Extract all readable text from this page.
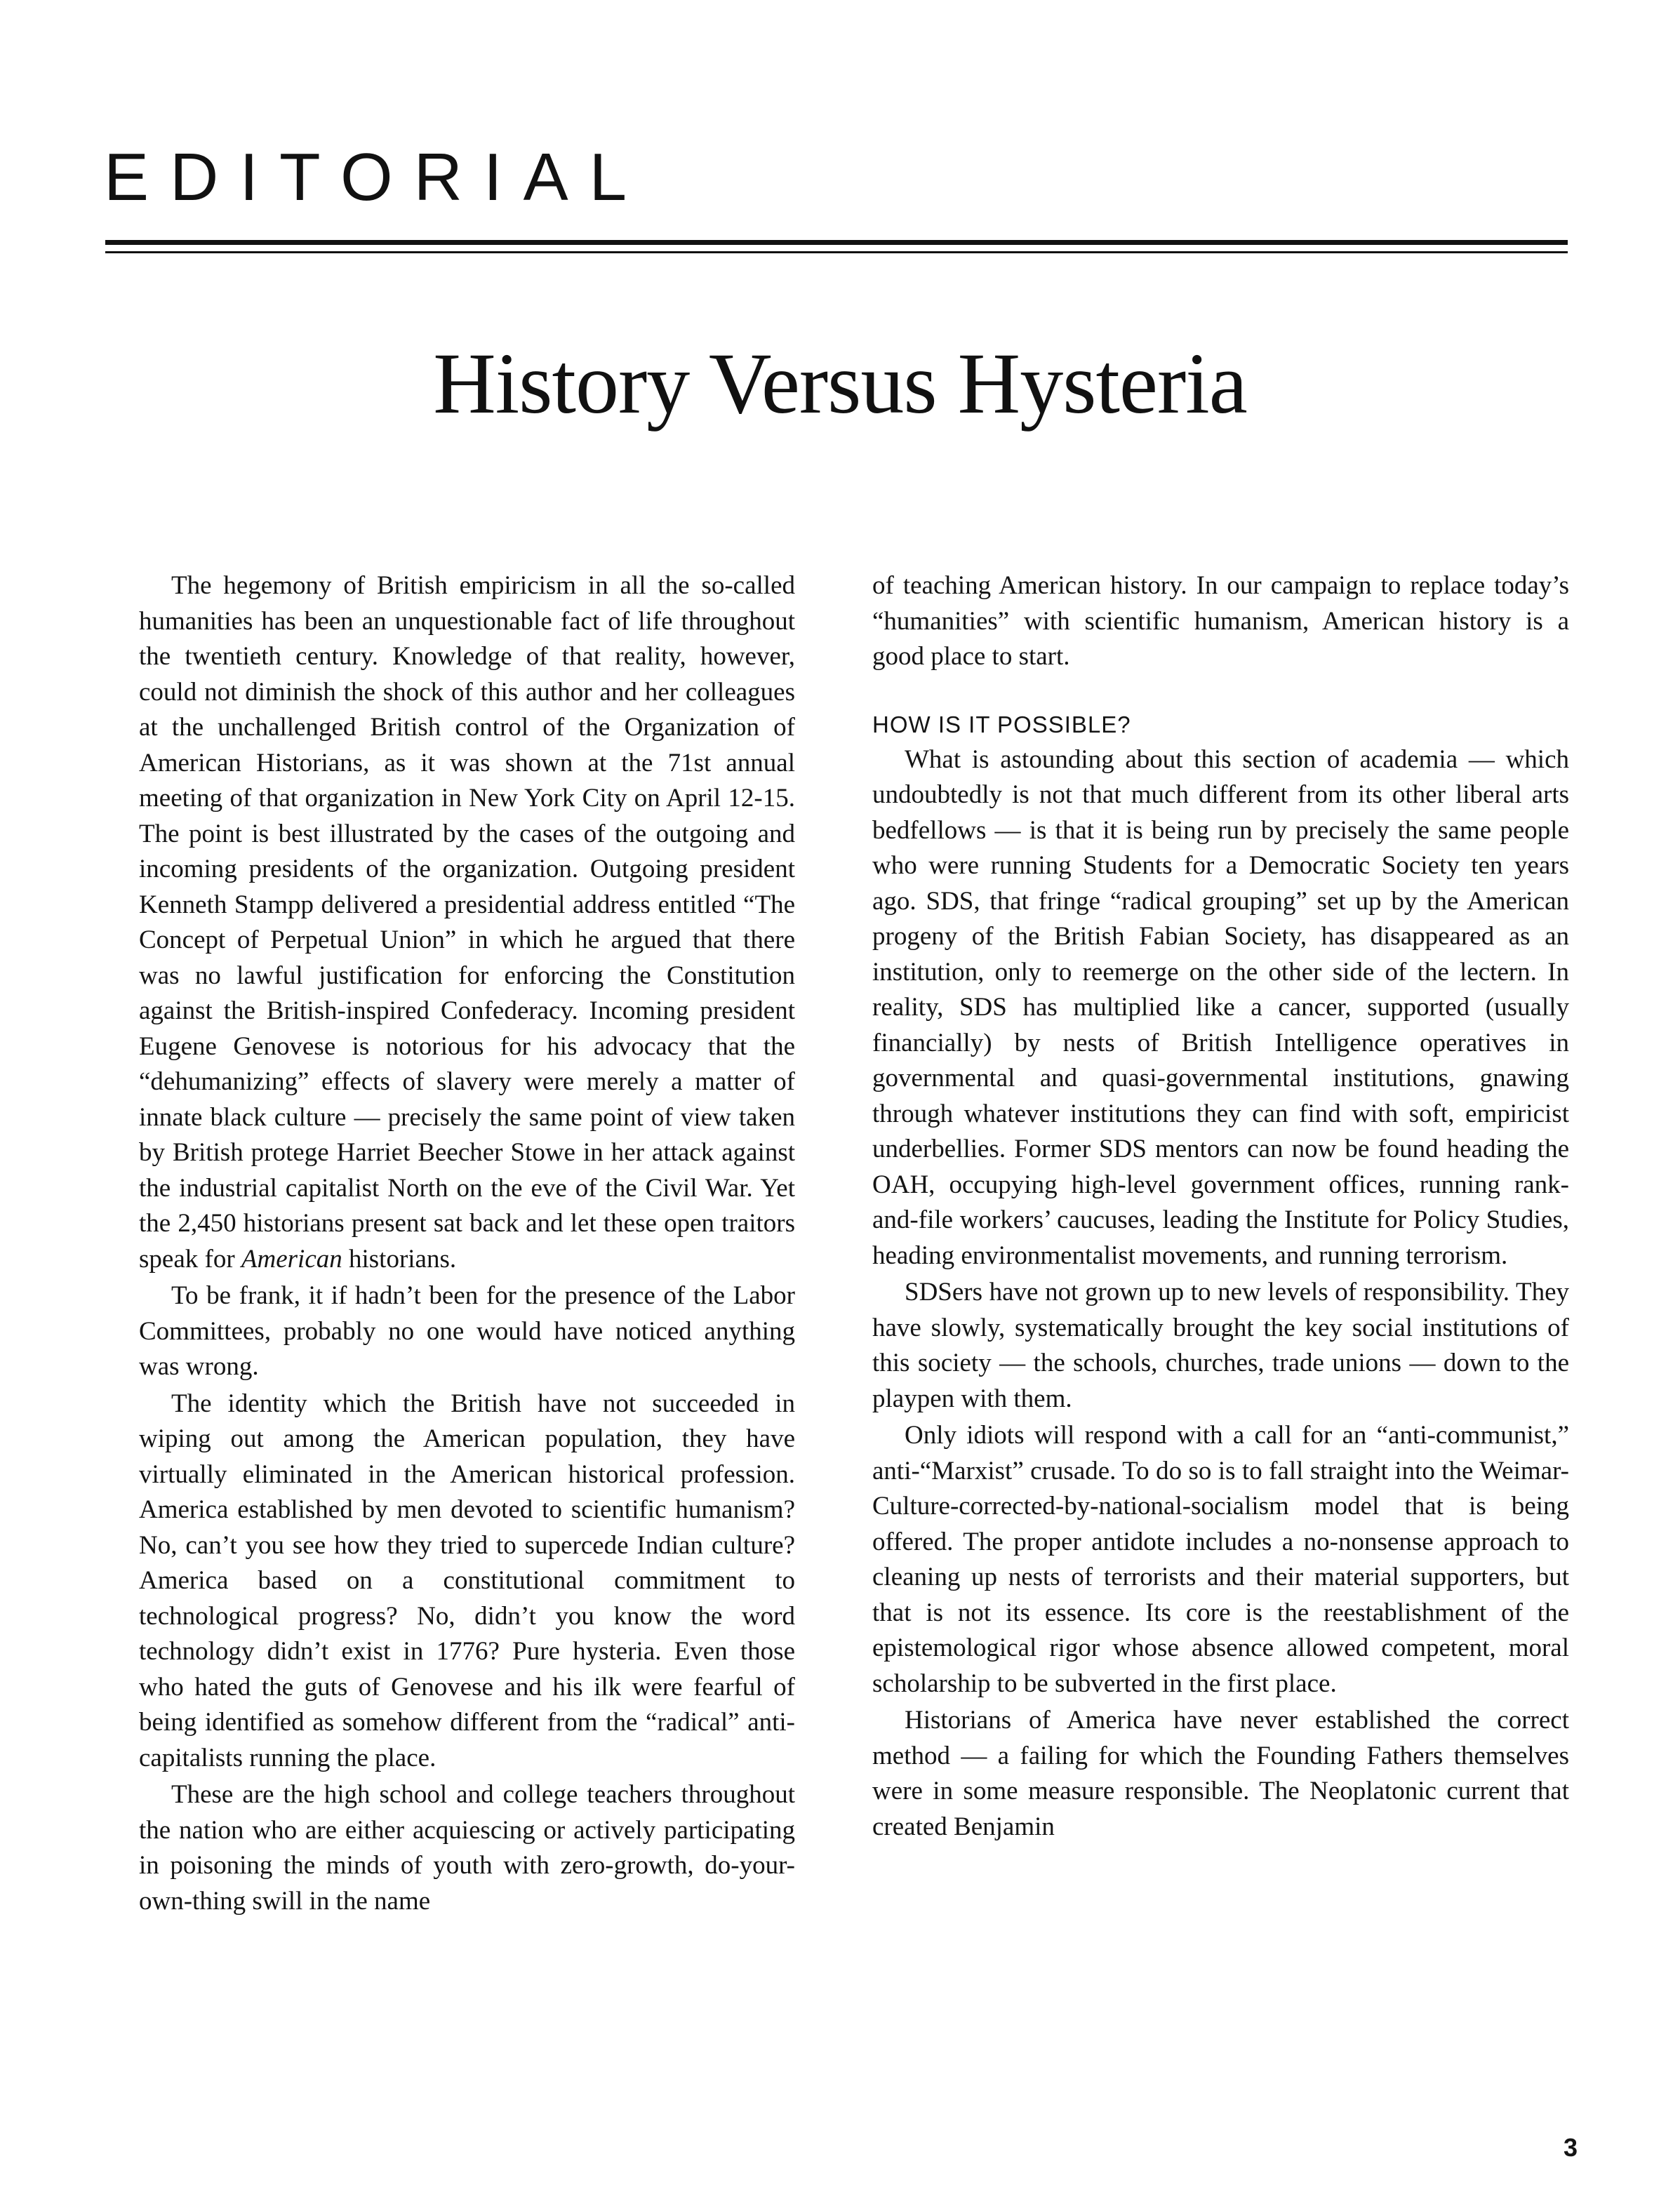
EDITORIAL
History Versus Hysteria

The hegemony of British empiricism in all the so-called humanities has been an unquestionable fact of life throughout the twentieth century. Knowledge of that reality, however, could not diminish the shock of this author and her colleagues at the unchallenged British control of the Organization of American Historians, as it was shown at the 71st annual meeting of that organization in New York City on April 12-15. The point is best illustrated by the cases of the outgoing and incoming presidents of the organization. Outgoing president Kenneth Stampp delivered a presidential address entitled “The Concept of Perpetual Union” in which he argued that there was no lawful justification for enforcing the Constitution against the British-inspired Confederacy. Incoming president Eugene Genovese is notorious for his advocacy that the “dehumanizing” effects of slavery were merely a matter of innate black culture — precisely the same point of view taken by British protege Harriet Beecher Stowe in her attack against the industrial capitalist North on the eve of the Civil War. Yet the 2,450 historians present sat back and let these open traitors speak for American historians.

To be frank, it if hadn’t been for the presence of the Labor Committees, probably no one would have noticed anything was wrong.

The identity which the British have not succeeded in wiping out among the American population, they have virtually eliminated in the American historical profession. America established by men devoted to scientific humanism? No, can’t you see how they tried to supercede Indian culture? America based on a constitutional commitment to technological progress? No, didn’t you know the word technology didn’t exist in 1776? Pure hysteria. Even those who hated the guts of Genovese and his ilk were fearful of being identified as somehow different from the “radical” anti-capitalists running the place.

These are the high school and college teachers throughout the nation who are either acquiescing or actively participating in poisoning the minds of youth with zero-growth, do-your-own-thing swill in the name

of teaching American history. In our campaign to replace today’s “humanities” with scientific humanism, American history is a good place to start.

HOW IS IT POSSIBLE?

What is astounding about this section of academia — which undoubtedly is not that much different from its other liberal arts bedfellows — is that it is being run by precisely the same people who were running Students for a Democratic Society ten years ago. SDS, that fringe “radical grouping” set up by the American progeny of the British Fabian Society, has disappeared as an institution, only to reemerge on the other side of the lectern. In reality, SDS has multiplied like a cancer, supported (usually financially) by nests of British Intelligence operatives in governmental and quasi-governmental institutions, gnawing through whatever institutions they can find with soft, empiricist underbellies. Former SDS mentors can now be found heading the OAH, occupying high-level government offices, running rank-and-file workers’ caucuses, leading the Institute for Policy Studies, heading environmentalist movements, and running terrorism.

SDSers have not grown up to new levels of responsibility. They have slowly, systematically brought the key social institutions of this society — the schools, churches, trade unions — down to the playpen with them.

Only idiots will respond with a call for an “anti-communist,” anti-“Marxist” crusade. To do so is to fall straight into the Weimar-Culture-corrected-by-national-socialism model that is being offered. The proper antidote includes a no-nonsense approach to cleaning up nests of terrorists and their material supporters, but that is not its essence. Its core is the reestablishment of the epistemological rigor whose absence allowed competent, moral scholarship to be subverted in the first place.

Historians of America have never established the correct method — a failing for which the Founding Fathers themselves were in some measure responsible. The Neoplatonic current that created Benjamin

3
